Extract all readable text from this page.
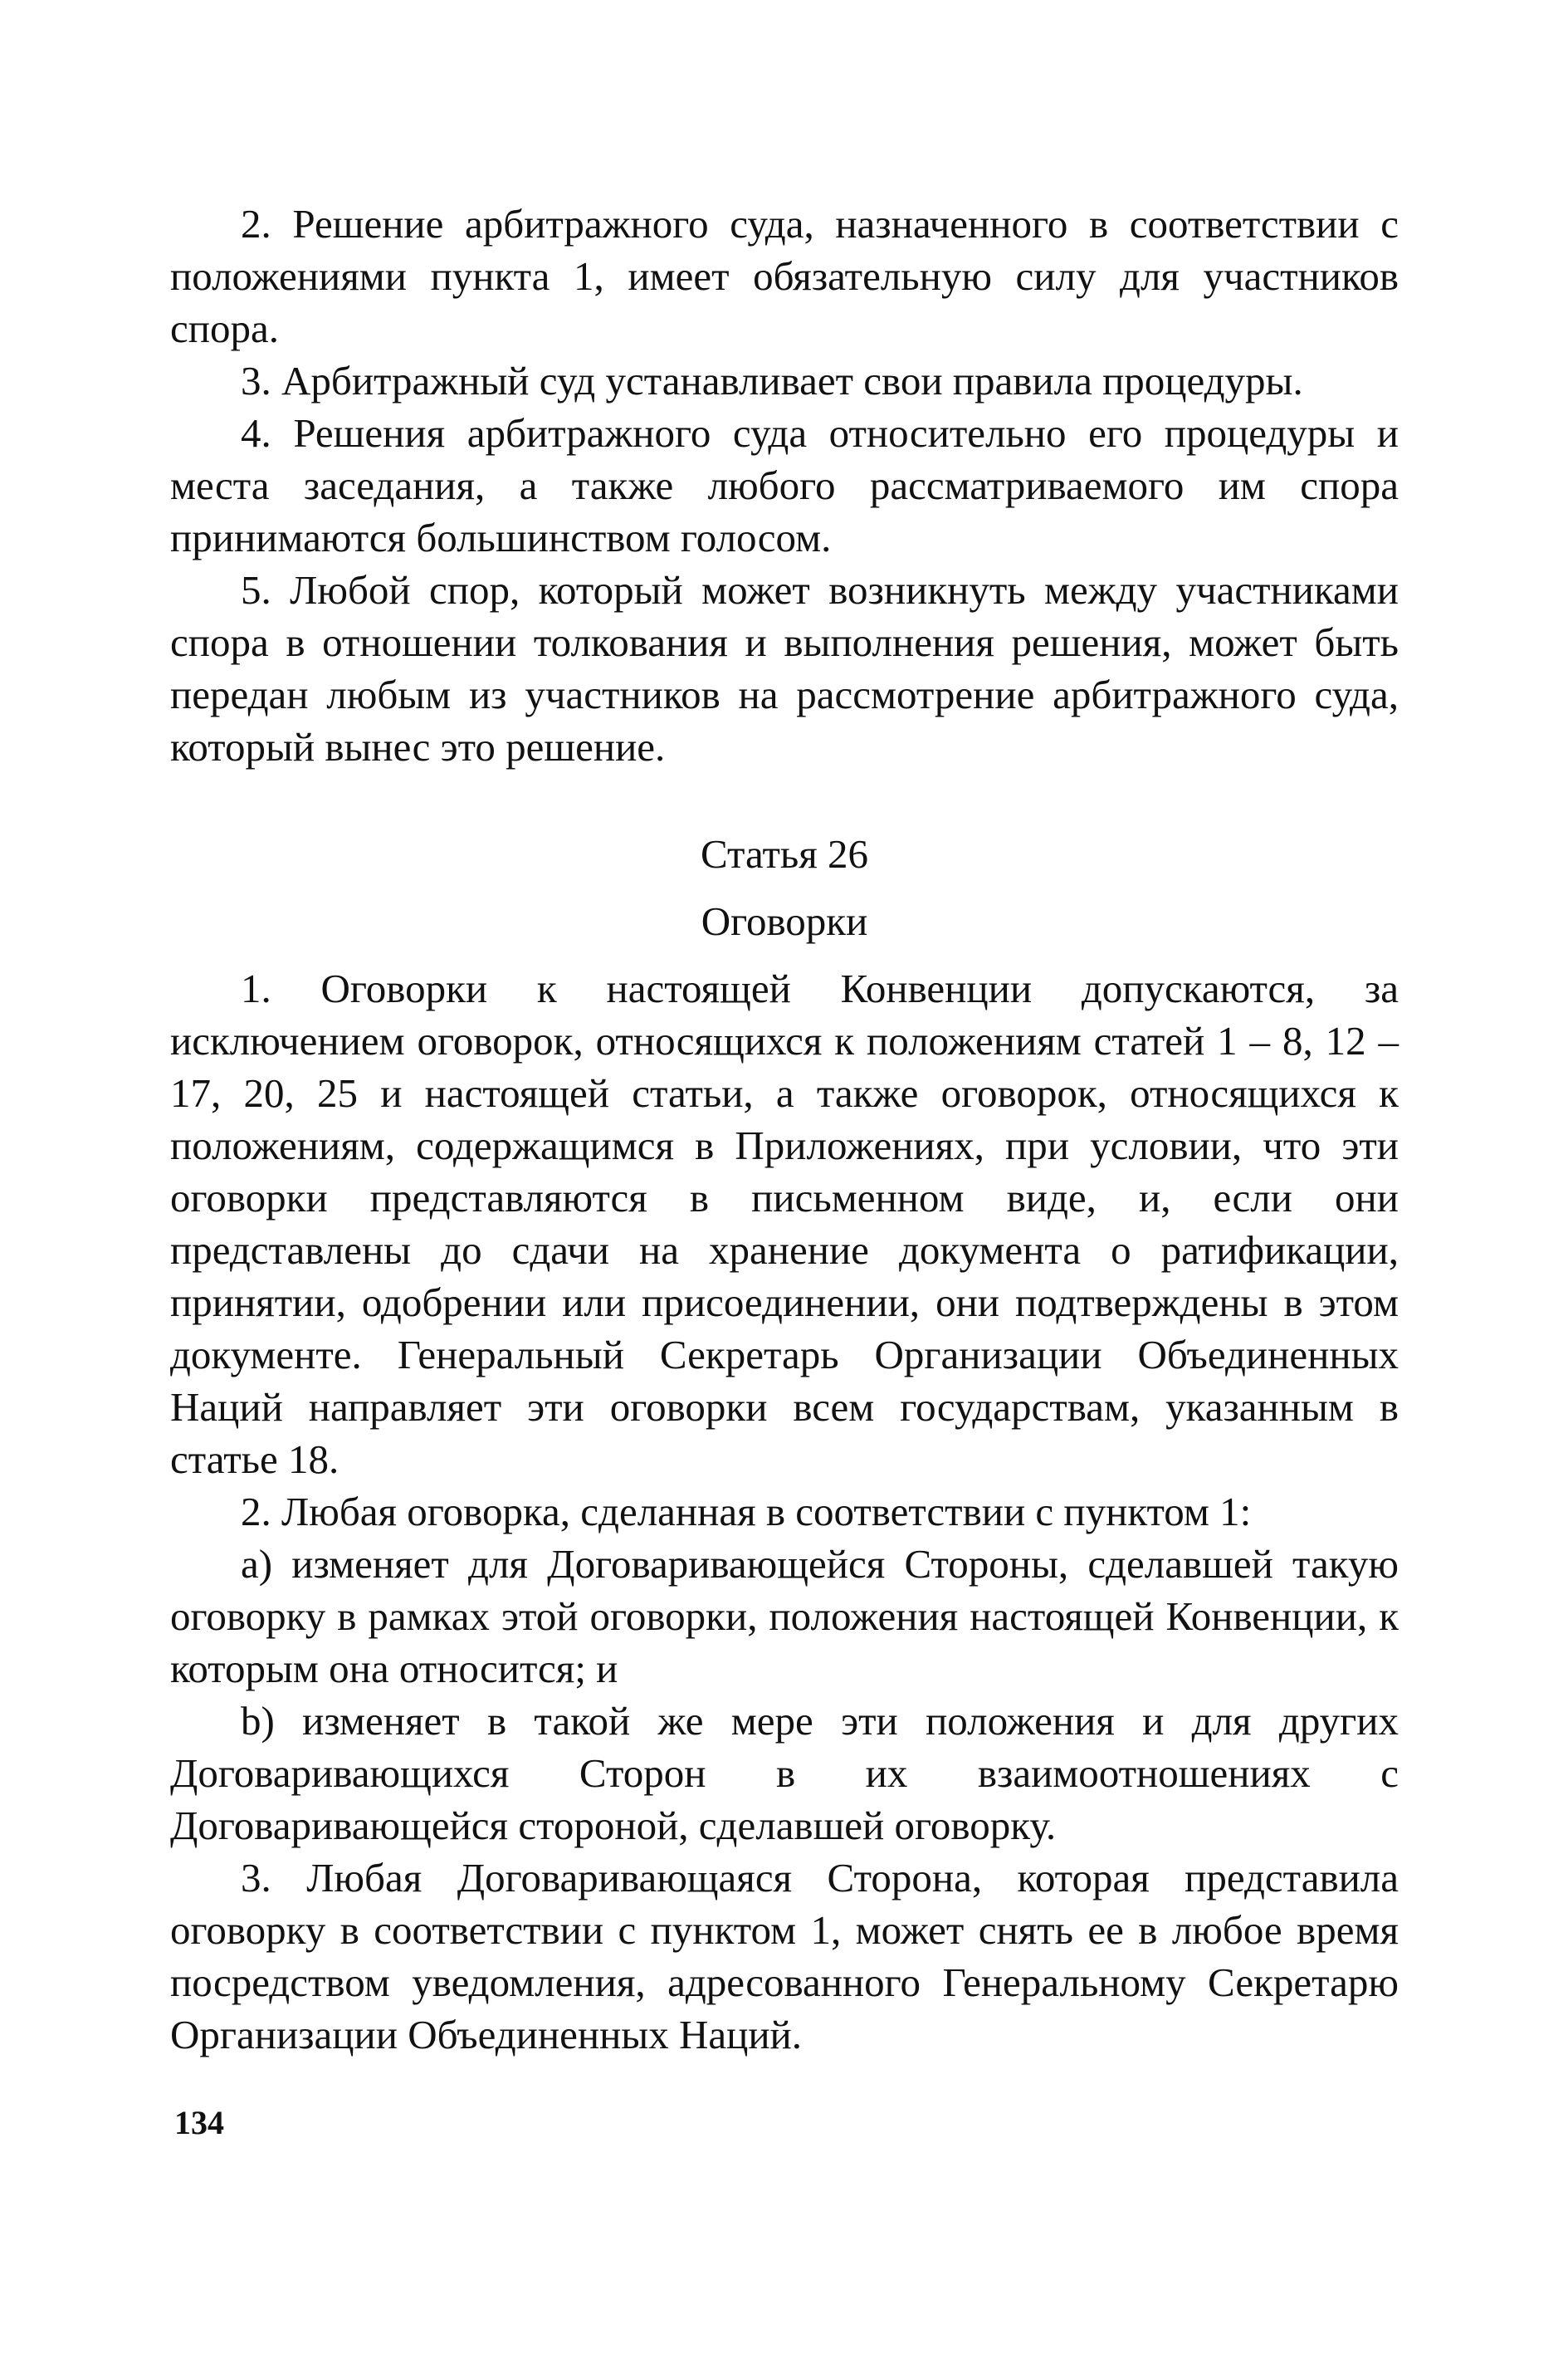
2. Решение арбитражного суда, назначенного в соответствии с положениями пункта 1, имеет обязательную силу для участников спора.

3. Арбитражный суд устанавливает свои правила процедуры.

4. Решения арбитражного суда относительно его процедуры и места заседания, а также любого рассматриваемого им спора принимаются большинством голосом.

5. Любой спор, который может возникнуть между участниками спора в отношении толкования и выполнения решения, может быть передан любым из участников на рассмотрение арбитражного суда, который вынес это решение.

Статья 26

Оговорки

1. Оговорки к настоящей Конвенции допускаются, за исключением оговорок, относящихся к положениям статей 1 – 8, 12 – 17, 20, 25 и настоящей статьи, а также оговорок, относящихся к положениям, содержащимся в Приложениях, при условии, что эти оговорки представляются в письменном виде, и, если они представлены до сдачи на хранение документа о ратификации, принятии, одобрении или присоединении, они подтверждены в этом документе. Генеральный Секретарь Организации Объединенных Наций направляет эти оговорки всем государствам, указанным в статье 18.

2. Любая оговорка, сделанная в соответствии с пунктом 1:

a) изменяет для Договаривающейся Стороны, сделавшей такую оговорку в рамках этой оговорки, положения настоящей Конвенции, к которым она относится; и

b) изменяет в такой же мере эти положения и для других Договаривающихся Сторон в их взаимоотношениях с Договаривающейся стороной, сделавшей оговорку.

3. Любая Договаривающаяся Сторона, которая представила оговорку в соответствии с пунктом 1, может снять ее в любое время посредством уведомления, адресованного Генеральному Секретарю Организации Объединенных Наций.

134
